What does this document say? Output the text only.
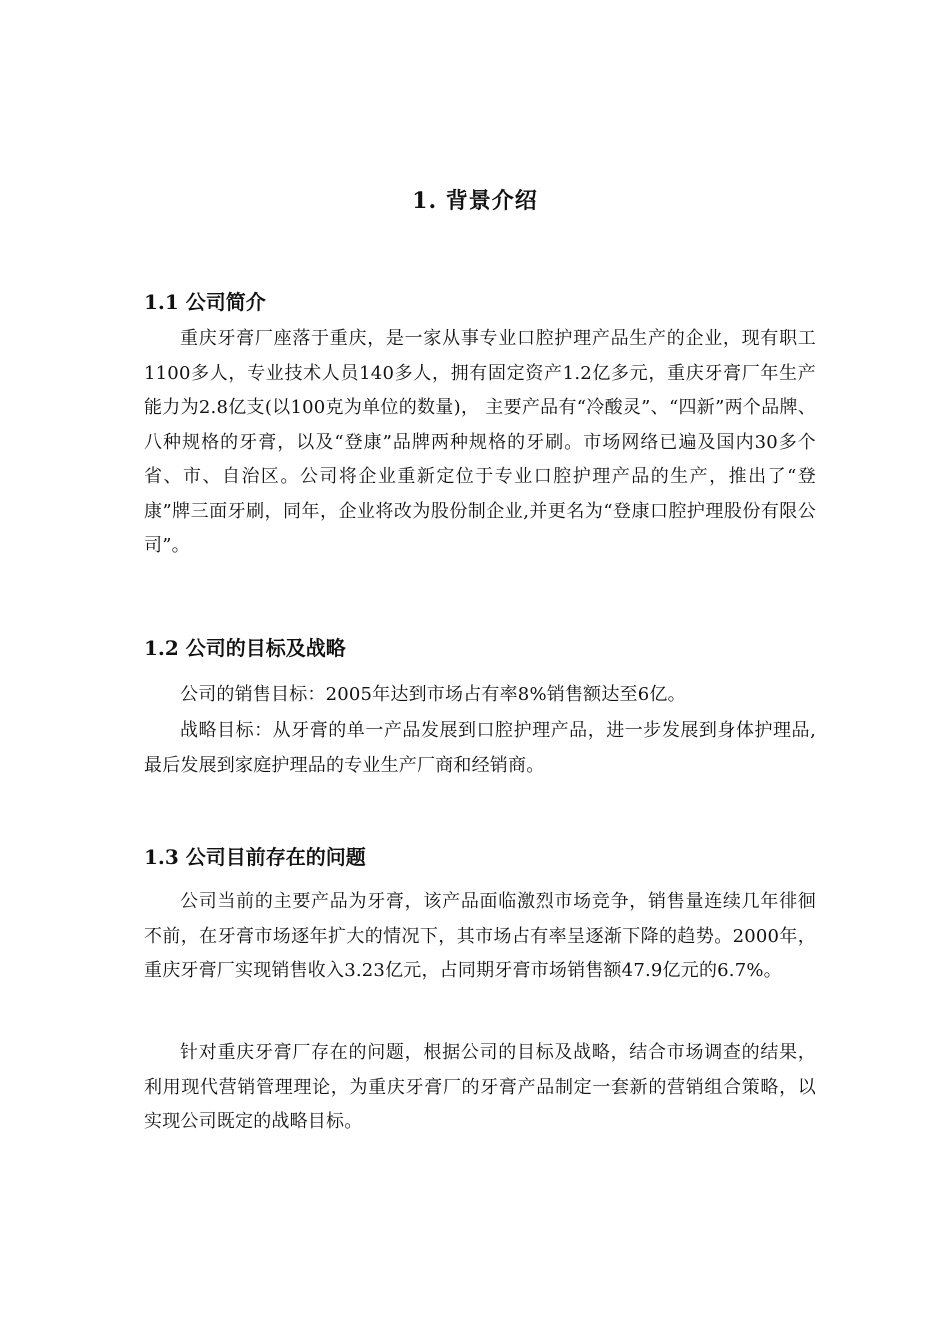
1. 背景介绍
1.1 公司简介

重庆牙膏厂座落于重庆，是一家从事专业口腔护理产品生产的企业，现有职工1100多人，专业技术人员140多人，拥有固定资产1.2亿多元，重庆牙膏厂年生产能力为2.8亿支(以100克为单位的数量)， 主要产品有“冷酸灵”、“四新”两个品牌、八种规格的牙膏，以及“登康”品牌两种规格的牙刷。市场网络已遍及国内30多个省、市、自治区。公司将企业重新定位于专业口腔护理产品的生产，推出了“登康”牌三面牙刷，同年，企业将改为股份制企业,并更名为“登康口腔护理股份有限公司”。

1.2 公司的目标及战略

公司的销售目标：2005年达到市场占有率8%销售额达至6亿。

战略目标：从牙膏的单一产品发展到口腔护理产品，进一步发展到身体护理品,最后发展到家庭护理品的专业生产厂商和经销商。

1.3 公司目前存在的问题

公司当前的主要产品为牙膏，该产品面临激烈市场竞争，销售量连续几年徘徊不前，在牙膏市场逐年扩大的情况下，其市场占有率呈逐渐下降的趋势。2000年，重庆牙膏厂实现销售收入3.23亿元，占同期牙膏市场销售额47.9亿元的6.7%。

针对重庆牙膏厂存在的问题，根据公司的目标及战略，结合市场调查的结果，利用现代营销管理理论，为重庆牙膏厂的牙膏产品制定一套新的营销组合策略，以实现公司既定的战略目标。
